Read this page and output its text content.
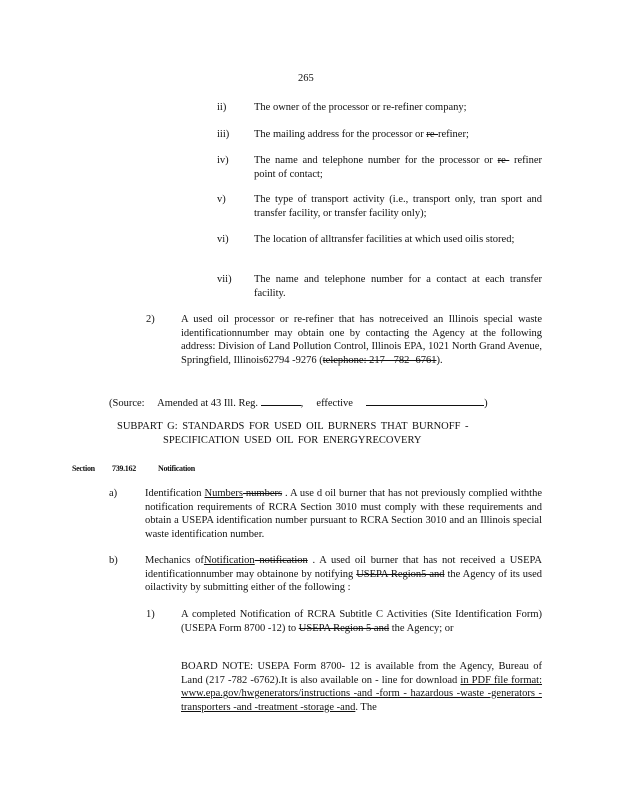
265
ii)	The owner of the processor or re-refiner company;
iii) The mailing address for the processor or re-refiner;
iv) The name and telephone number for the processor or re- refiner point of contact;
v)	The type of transport activity (i.e., transport only, tran sport and transfer facility, or transfer facility only);
vi) The location of alltransfer facilities at which used oilis stored;
vii) The name and telephone number for a contact at each transfer facility.
2)	A used oil processor or re-refiner that has notreceived an Illinois special waste identificationnumber may obtain one by contacting the Agency at the following address: Division of Land Pollution Control, Illinois EPA, 1021 North Grand Avenue, Springfield, Illinois62794 -9276 (telephone: 217 - 782 -6761).
(Source: Amended at 43 Ill. Reg.	, effective	)
SUBPART G: STANDARDS FOR USED OIL BURNERS THAT BURNOFF -
SPECIFICATION USED OIL FOR ENERGYRECOVERY
Section 739.162	Notification
a)	Identification Numbers numbers . A use d oil burner that has not previously complied withthe notification requirements of RCRA Section 3010 must comply with these requirements and obtain a USEPA identification number pursuant to RCRA Section 3010 and an Illinois special waste identification number.
b)	Mechanics ofNotification notification . A used oil burner that has not received a USEPA identificationnumber may obtainone by notifying USEPA Region5 and the Agency of its used oilactivity by submitting either of the following :
1)	A completed Notification of RCRA Subtitle C Activities (Site Identification Form) (USEPA Form 8700 -12) to USEPA Region 5 and the Agency; or
BOARD NOTE: USEPA Form 8700- 12 is available from the Agency, Bureau of Land (217 -782 -6762).It is also available on - line for download in PDF file format: www.epa.gov/hwgenerators/instructions -and -form - hazardous -waste -generators -transporters -and -treatment -storage -and. The
